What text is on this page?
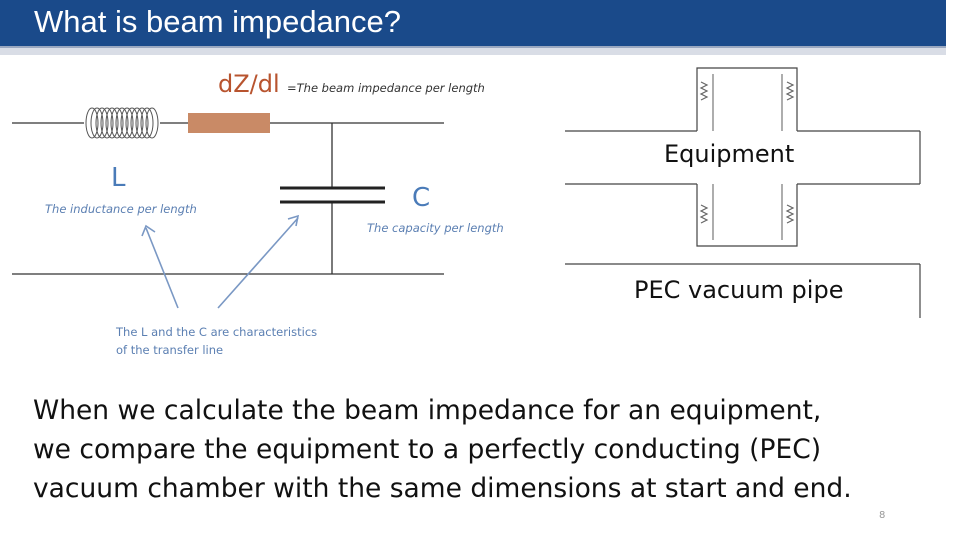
What is beam impedance?
dZ/dl =The beam impedance per length
L
The inductance per length	C
The capacity per length
The L and the C are characteristics
of the transfer line
Equipment
PEC vacuum pipe
When we calculate the beam impedance for an equipment,
we compare the equipment to a perfectly conducting (PEC)
vacuum chamber with the same dimensions at start and end.
8
